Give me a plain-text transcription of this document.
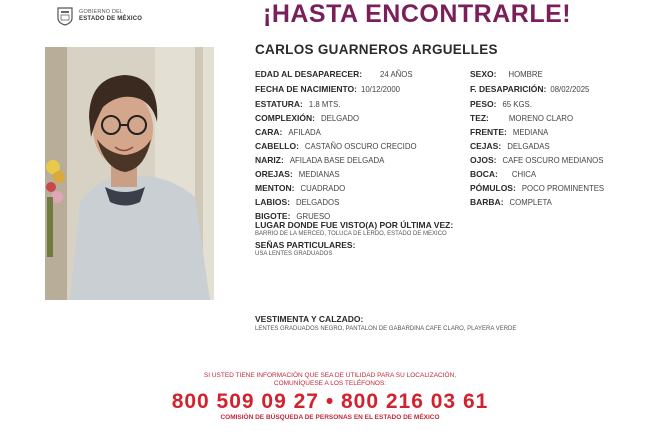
GOBIERNO DEL
ESTADO DE MÉXICO	¡HASTA ENCONTRARLE!
CARLOS GUARNEROS ARGUELLES
EDAD AL DESAPARECER: 24 AÑOS
FECHA DE NACIMIENTO: 10/12/2000
ESTATURA: 1.8 MTS.
COMPLEXIÓN: DELGADO
CARA: AFILADA
CABELLO: CASTAÑO OSCURO CRECIDO
NARIZ: AFILADA BASE DELGADA
OREJAS: MEDIANAS
MENTON: CUADRADO
LABIOS: DELGADOS
BIGOTE: GRUESO
SEXO: HOMBRE
F. DESAPARICIÓN: 08/02/2025
PESO: 65 KGS.
TEZ:	MORENO CLARO
FRENTE: MEDIANA
CEJAS: DELGADAS
OJOS: CAFE OSCURO MEDIANOS
BOCA: CHICA
PÓMULOS: POCO PROMINENTES
BARBA: COMPLETA
LUGAR DONDE FUE VISTO(A) POR ÚLTIMA VEZ:
BARRIO DE LA MERCED, TOLUCA DE LERDO, ESTADO DE MEXICO
SEÑAS PARTICULARES:
USA LENTES GRADUADOS
VESTIMENTA Y CALZADO:
LENTES GRADUADOS NEGRO, PANTALON DE GABARDINA CAFE CLARO, PLAYERA VERDE
SI USTED TIENE INFORMACIÓN QUE SEA DE UTILIDAD PARA SU LOCALIZACIÓN,
COMUNÍQUESE A LOS TELÉFONOS:
800 509 09 27 • 800 216 03 61
COMISIÓN DE BÚSQUEDA DE PERSONAS EN EL ESTADO DE MÉXICO
